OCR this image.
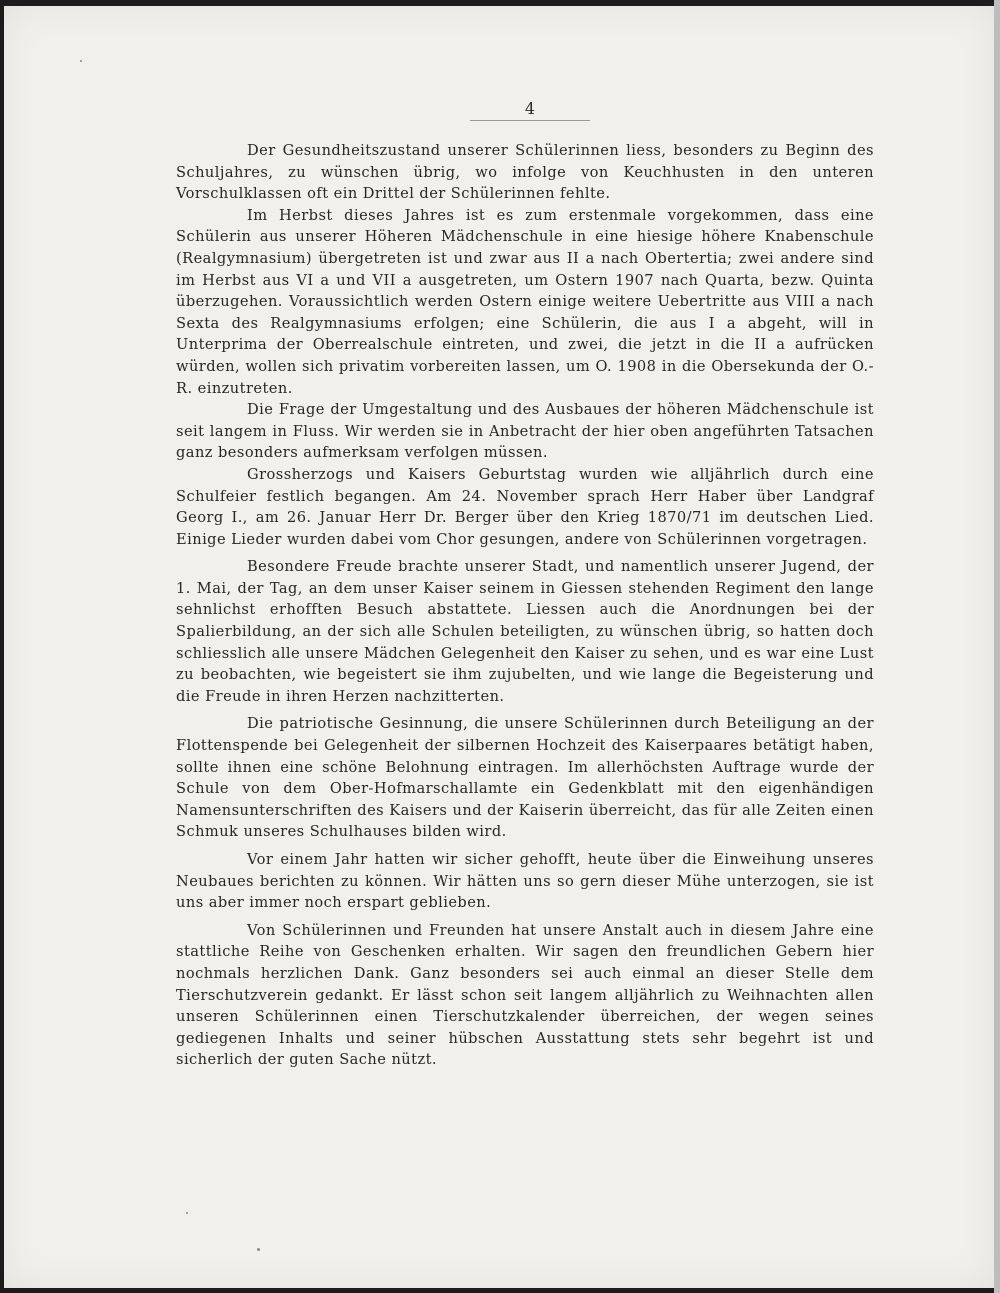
4

Der Gesundheitszustand unserer Schülerinnen liess, besonders zu Beginn des Schuljahres, zu wünschen übrig, wo infolge von Keuchhusten in den unteren Vorschulklassen oft ein Drittel der Schülerinnen fehlte.

Im Herbst dieses Jahres ist es zum erstenmale vorgekommen, dass eine Schülerin aus unserer Höheren Mädchenschule in eine hiesige höhere Knabenschule (Realgymnasium) übergetreten ist und zwar aus II a nach Obertertia; zwei andere sind im Herbst aus VI a und VII a ausgetreten, um Ostern 1907 nach Quarta, bezw. Quinta überzugehen. Voraussichtlich werden Ostern einige weitere Uebertritte aus VIII a nach Sexta des Realgymnasiums erfolgen; eine Schülerin, die aus I a abgeht, will in Unterprima der Oberrealschule eintreten, und zwei, die jetzt in die II a aufrücken würden, wollen sich privatim vorbereiten lassen, um O. 1908 in die Obersekunda der O.-R. einzutreten.

Die Frage der Umgestaltung und des Ausbaues der höheren Mädchenschule ist seit langem in Fluss. Wir werden sie in Anbetracht der hier oben angeführten Tatsachen ganz besonders aufmerksam verfolgen müssen.

Grossherzogs und Kaisers Geburtstag wurden wie alljährlich durch eine Schulfeier festlich begangen. Am 24. November sprach Herr Haber über Landgraf Georg I., am 26. Januar Herr Dr. Berger über den Krieg 1870/71 im deutschen Lied. Einige Lieder wurden dabei vom Chor gesungen, andere von Schülerinnen vorgetragen.

Besondere Freude brachte unserer Stadt, und namentlich unserer Jugend, der 1. Mai, der Tag, an dem unser Kaiser seinem in Giessen stehenden Regiment den lange sehnlichst erhofften Besuch abstattete. Liessen auch die Anordnungen bei der Spalierbildung, an der sich alle Schulen beteiligten, zu wünschen übrig, so hatten doch schliesslich alle unsere Mädchen Gelegenheit den Kaiser zu sehen, und es war eine Lust zu beobachten, wie begeistert sie ihm zujubelten, und wie lange die Begeisterung und die Freude in ihren Herzen nachzitterten.

Die patriotische Gesinnung, die unsere Schülerinnen durch Beteiligung an der Flottenspende bei Gelegenheit der silbernen Hochzeit des Kaiserpaares betätigt haben, sollte ihnen eine schöne Belohnung eintragen. Im allerhöchsten Auftrage wurde der Schule von dem Ober-Hofmarschallamte ein Gedenkblatt mit den eigenhändigen Namensunterschriften des Kaisers und der Kaiserin überreicht, das für alle Zeiten einen Schmuk unseres Schulhauses bilden wird.

Vor einem Jahr hatten wir sicher gehofft, heute über die Einweihung unseres Neubaues berichten zu können. Wir hätten uns so gern dieser Mühe unterzogen, sie ist uns aber immer noch erspart geblieben.

Von Schülerinnen und Freunden hat unsere Anstalt auch in diesem Jahre eine stattliche Reihe von Geschenken erhalten. Wir sagen den freundlichen Gebern hier nochmals herzlichen Dank. Ganz besonders sei auch einmal an dieser Stelle dem Tierschutzverein gedankt. Er lässt schon seit langem alljährlich zu Weihnachten allen unseren Schülerinnen einen Tierschutzkalender überreichen, der wegen seines gediegenen Inhalts und seiner hübschen Ausstattung stets sehr begehrt ist und sicherlich der guten Sache nützt.
